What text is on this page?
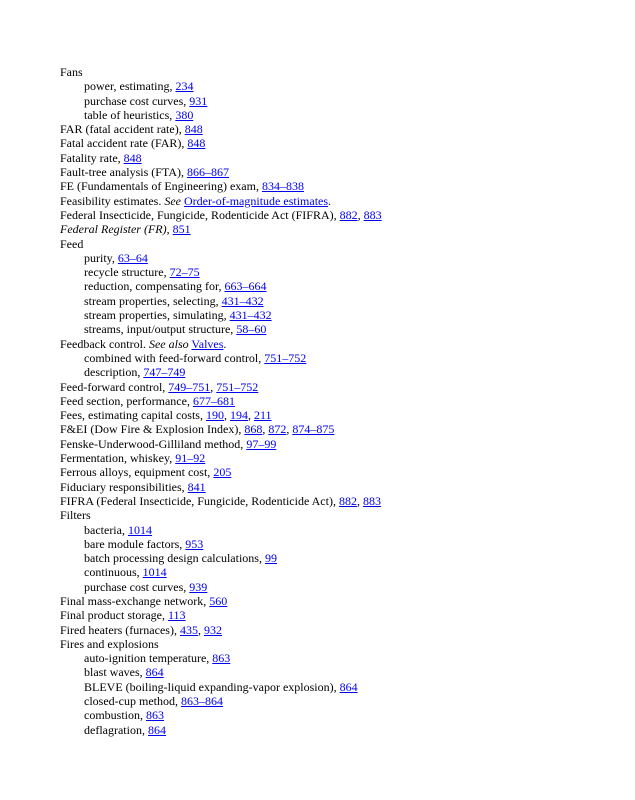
Fans
power, estimating, 234
purchase cost curves, 931
table of heuristics, 380
FAR (fatal accident rate), 848
Fatal accident rate (FAR), 848
Fatality rate, 848
Fault-tree analysis (FTA), 866–867
FE (Fundamentals of Engineering) exam, 834–838
Feasibility estimates. See Order-of-magnitude estimates.
Federal Insecticide, Fungicide, Rodenticide Act (FIFRA), 882, 883
Federal Register (FR), 851
Feed
purity, 63–64
recycle structure, 72–75
reduction, compensating for, 663–664
stream properties, selecting, 431–432
stream properties, simulating, 431–432
streams, input/output structure, 58–60
Feedback control. See also Valves.
combined with feed-forward control, 751–752
description, 747–749
Feed-forward control, 749–751, 751–752
Feed section, performance, 677–681
Fees, estimating capital costs, 190, 194, 211
F&EI (Dow Fire & Explosion Index), 868, 872, 874–875
Fenske-Underwood-Gilliland method, 97–99
Fermentation, whiskey, 91–92
Ferrous alloys, equipment cost, 205
Fiduciary responsibilities, 841
FIFRA (Federal Insecticide, Fungicide, Rodenticide Act), 882, 883
Filters
bacteria, 1014
bare module factors, 953
batch processing design calculations, 99
continuous, 1014
purchase cost curves, 939
Final mass-exchange network, 560
Final product storage, 113
Fired heaters (furnaces), 435, 932
Fires and explosions
auto-ignition temperature, 863
blast waves, 864
BLEVE (boiling-liquid expanding-vapor explosion), 864
closed-cup method, 863–864
combustion, 863
deflagration, 864
